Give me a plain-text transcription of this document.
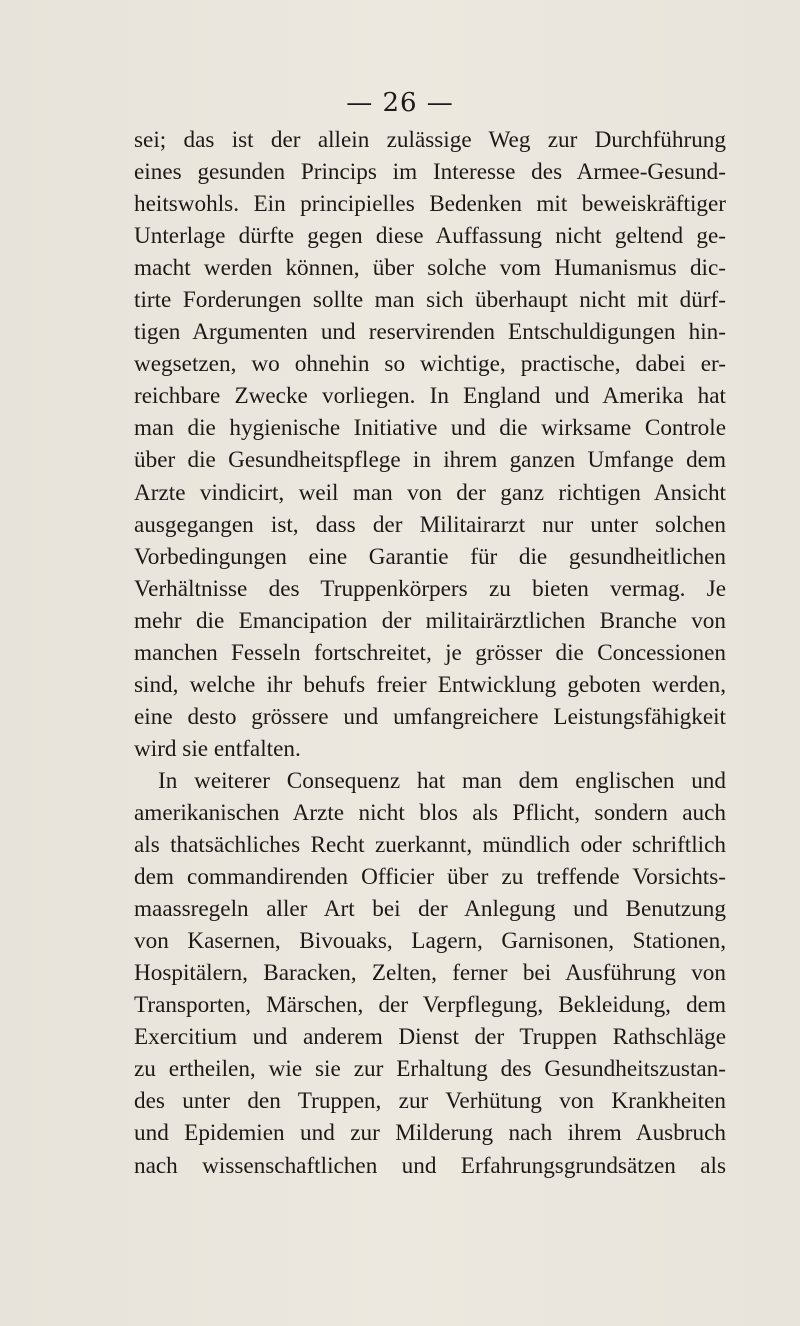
— 26 —
sei; das ist der allein zulässige Weg zur Durchführung
eines gesunden Princips im Interesse des Armee-Gesund-
heitswohls. Ein principielles Bedenken mit beweiskräftiger
Unterlage dürfte gegen diese Auffassung nicht geltend ge-
macht werden können, über solche vom Humanismus dic-
tirte Forderungen sollte man sich überhaupt nicht mit dürf-
tigen Argumenten und reservirenden Entschuldigungen hin-
wegsetzen, wo ohnehin so wichtige, practische, dabei er-
reichbare Zwecke vorliegen. In England und Amerika hat
man die hygienische Initiative und die wirksame Controle
über die Gesundheitspflege in ihrem ganzen Umfange dem
Arzte vindicirt, weil man von der ganz richtigen Ansicht
ausgegangen ist, dass der Militairarzt nur unter solchen
Vorbedingungen eine Garantie für die gesundheitlichen
Verhältnisse des Truppenkörpers zu bieten vermag. Je
mehr die Emancipation der militairärztlichen Branche von
manchen Fesseln fortschreitet, je grösser die Concessionen
sind, welche ihr behufs freier Entwicklung geboten werden,
eine desto grössere und umfangreichere Leistungsfähigkeit
wird sie entfalten.
In weiterer Consequenz hat man dem englischen und
amerikanischen Arzte nicht blos als Pflicht, sondern auch
als thatsächliches Recht zuerkannt, mündlich oder schriftlich
dem commandirenden Officier über zu treffende Vorsichts-
maassregeln aller Art bei der Anlegung und Benutzung
von Kasernen, Bivouaks, Lagern, Garnisonen, Stationen,
Hospitälern, Baracken, Zelten, ferner bei Ausführung von
Transporten, Märschen, der Verpflegung, Bekleidung, dem
Exercitium und anderem Dienst der Truppen Rathschläge
zu ertheilen, wie sie zur Erhaltung des Gesundheitszustan-
des unter den Truppen, zur Verhütung von Krankheiten
und Epidemien und zur Milderung nach ihrem Ausbruch
nach wissenschaftlichen und Erfahrungsgrundsätzen als
